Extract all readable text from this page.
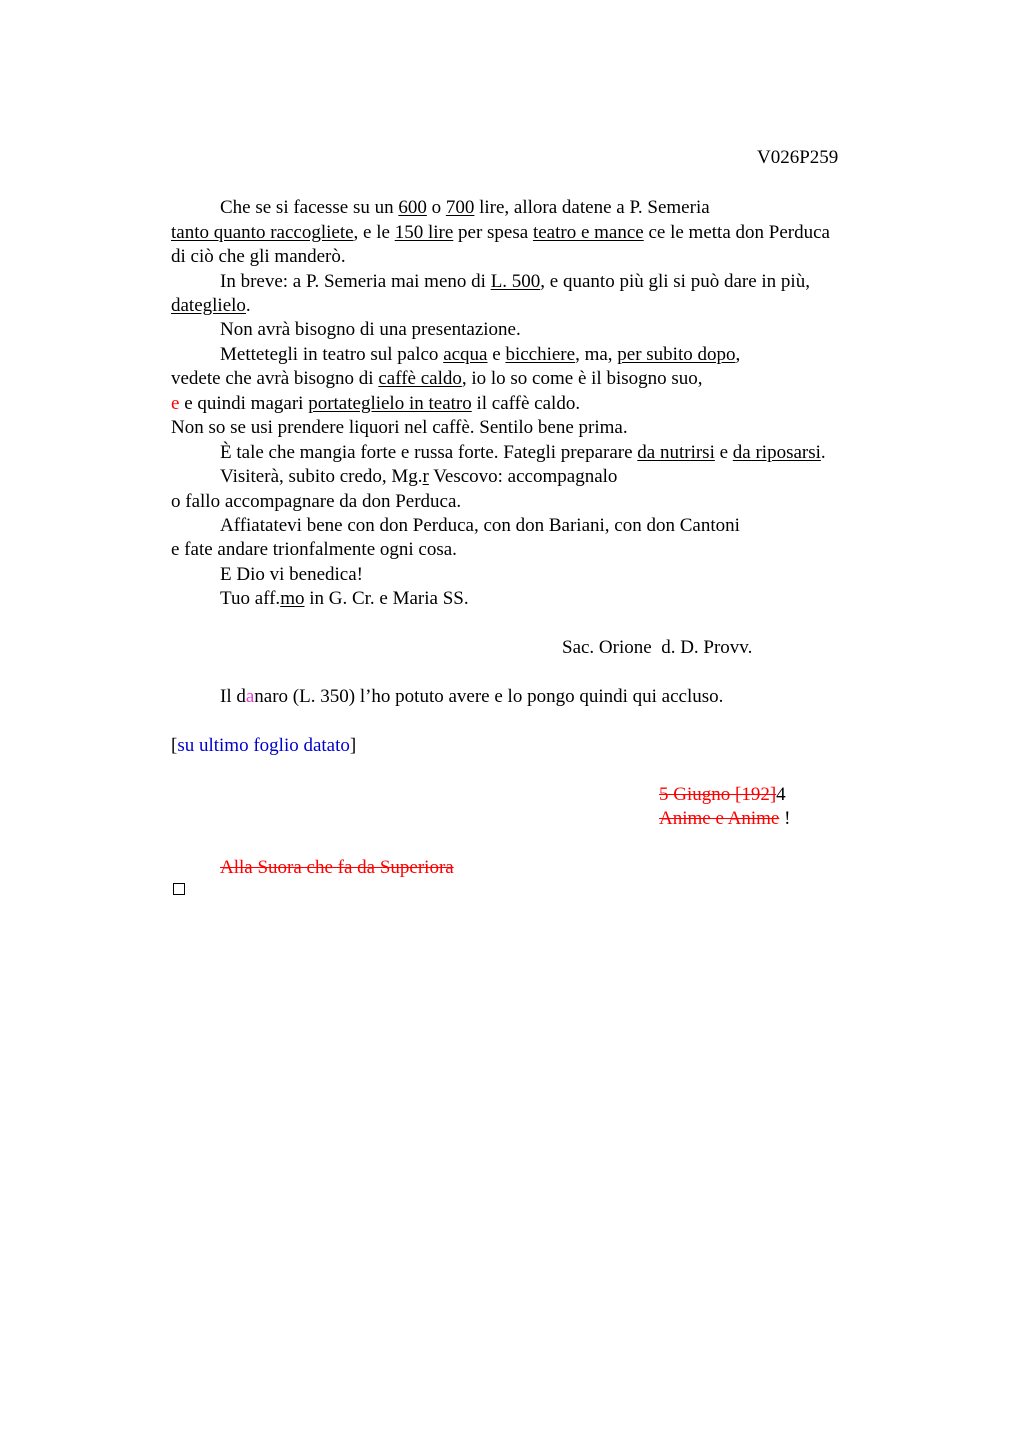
V026P259
Che se si facesse su un 600 o 700 lire, allora datene a P. Semeria
tanto quanto raccogliete, e le 150 lire per spesa teatro e mance ce le metta don Perduca
di ciò che gli manderò.
In breve: a P. Semeria mai meno di L. 500, e quanto più gli si può dare in più,
dateglielo.
Non avrà bisogno di una presentazione.
Mettetegli in teatro sul palco acqua e bicchiere, ma, per subito dopo,
vedete che avrà bisogno di caffè caldo, io lo so come è il bisogno suo,
e e quindi magari portateglielo in teatro il caffè caldo.
Non so se usi prendere liquori nel caffè. Sentilo bene prima.
È tale che mangia forte e russa forte. Fategli preparare da nutrirsi e da riposarsi.
Visiterà, subito credo, Mg.r Vescovo: accompagnalo
o fallo accompagnare da don Perduca.
Affiatatevi bene con don Perduca, con don Bariani, con don Cantoni
e fate andare trionfalmente ogni cosa.
E Dio vi benedica!
Tuo aff.mo in G. Cr. e Maria SS.
Sac. Orione  d. D. Provv.
Il danaro (L. 350) l’ho potuto avere e lo pongo quindi qui accluso.
[su ultimo foglio datato]
5 Giugno [192]4
Anime e Anime !
Alla Suora che fa da Superiora
